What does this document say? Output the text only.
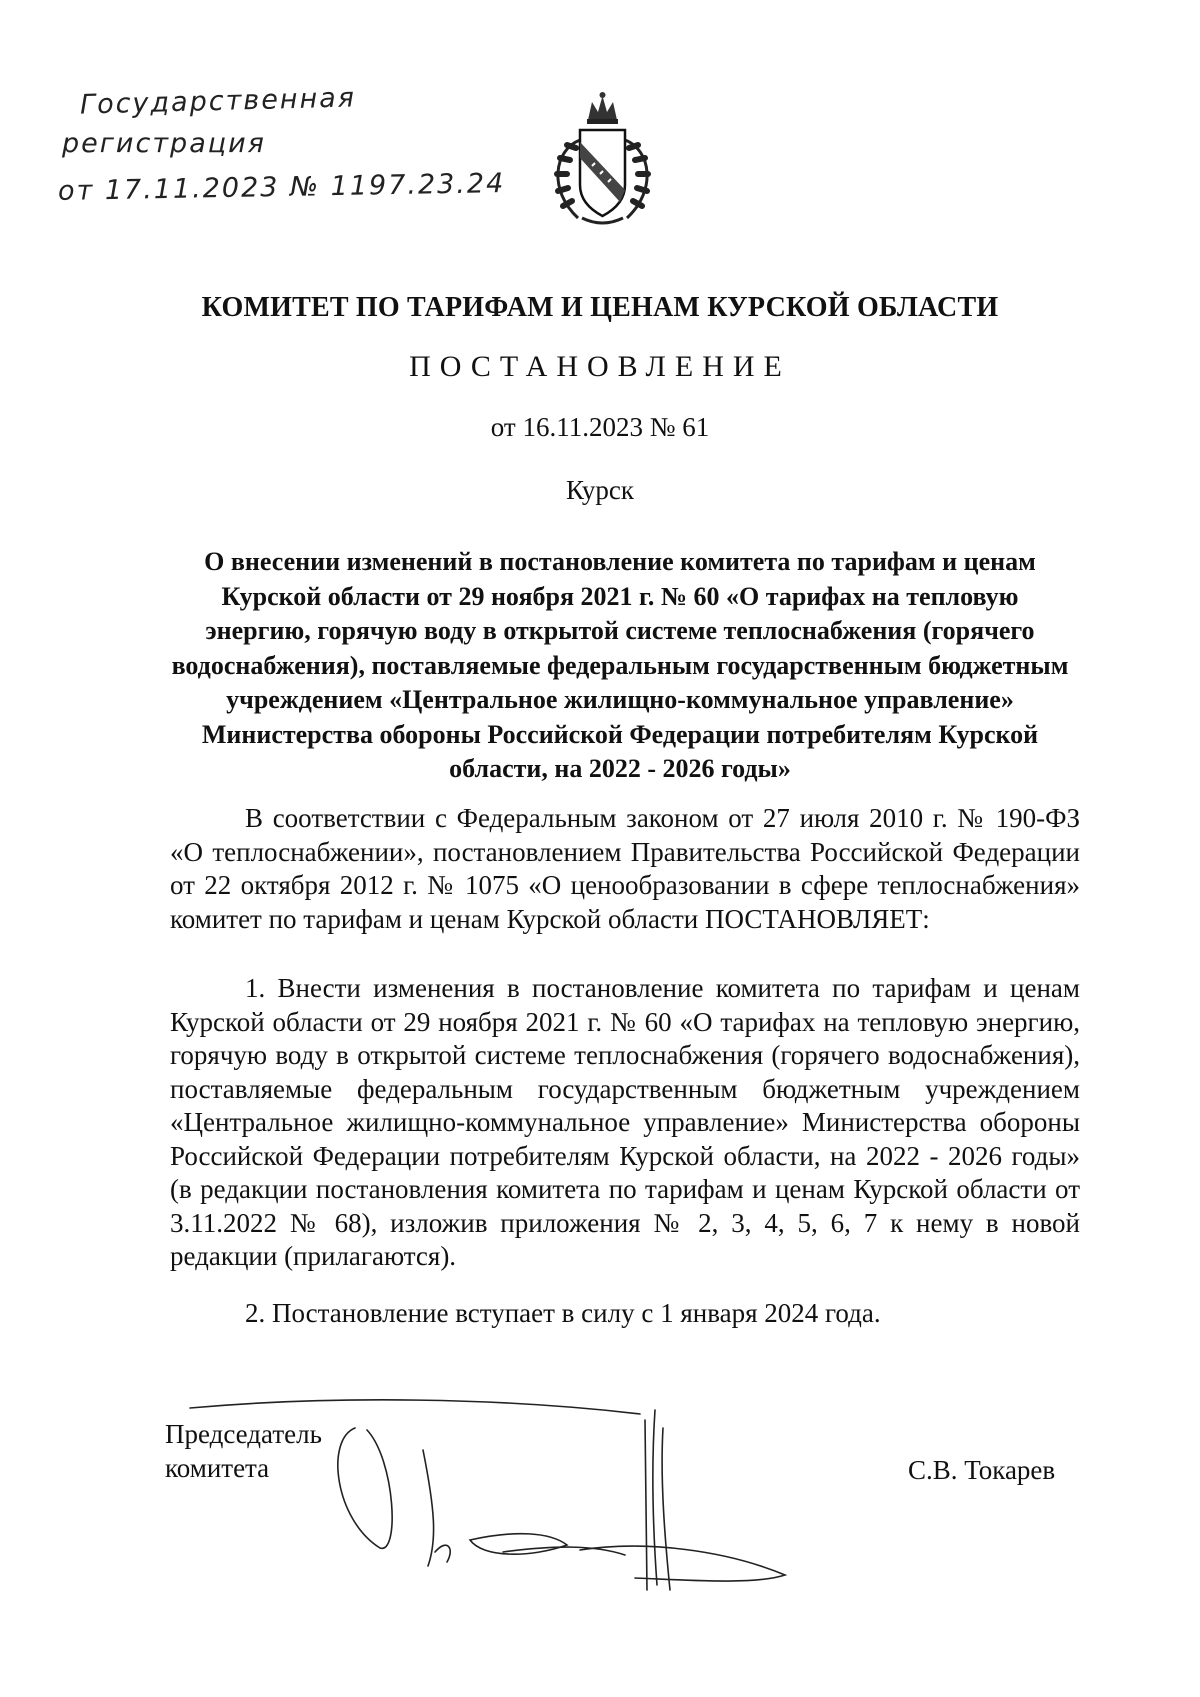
Государственная
регистрация
от 17.11.2023 № 1197.23.24
КОМИТЕТ ПО ТАРИФАМ И ЦЕНАМ КУРСКОЙ ОБЛАСТИ
ПОСТАНОВЛЕНИЕ
от 16.11.2023 № 61
Курск
О внесении изменений в постановление комитета по тарифам и ценам Курской области от 29 ноября 2021 г. № 60 «О тарифах на тепловую энергию, горячую воду в открытой системе теплоснабжения (горячего водоснабжения), поставляемые федеральным государственным бюджетным учреждением «Центральное жилищно-коммунальное управление» Министерства обороны Российской Федерации потребителям Курской области, на 2022 - 2026 годы»
В соответствии с Федеральным законом от 27 июля 2010 г. № 190-ФЗ «О теплоснабжении», постановлением Правительства Российской Федерации от 22 октября 2012 г. № 1075 «О ценообразовании в сфере теплоснабжения» комитет по тарифам и ценам Курской области ПОСТАНОВЛЯЕТ:
1. Внести изменения в постановление комитета по тарифам и ценам Курской области от 29 ноября 2021 г. № 60 «О тарифах на тепловую энергию, горячую воду в открытой системе теплоснабжения (горячего водоснабжения), поставляемые федеральным государственным бюджетным учреждением «Центральное жилищно-коммунальное управление» Министерства обороны Российской Федерации потребителям Курской области, на 2022 - 2026 годы» (в редакции постановления комитета по тарифам и ценам Курской области от 3.11.2022 № 68), изложив приложения № 2, 3, 4, 5, 6, 7 к нему в новой редакции (прилагаются).
2. Постановление вступает в силу с 1 января 2024 года.
Председатель
комитета	С.В. Токарев
